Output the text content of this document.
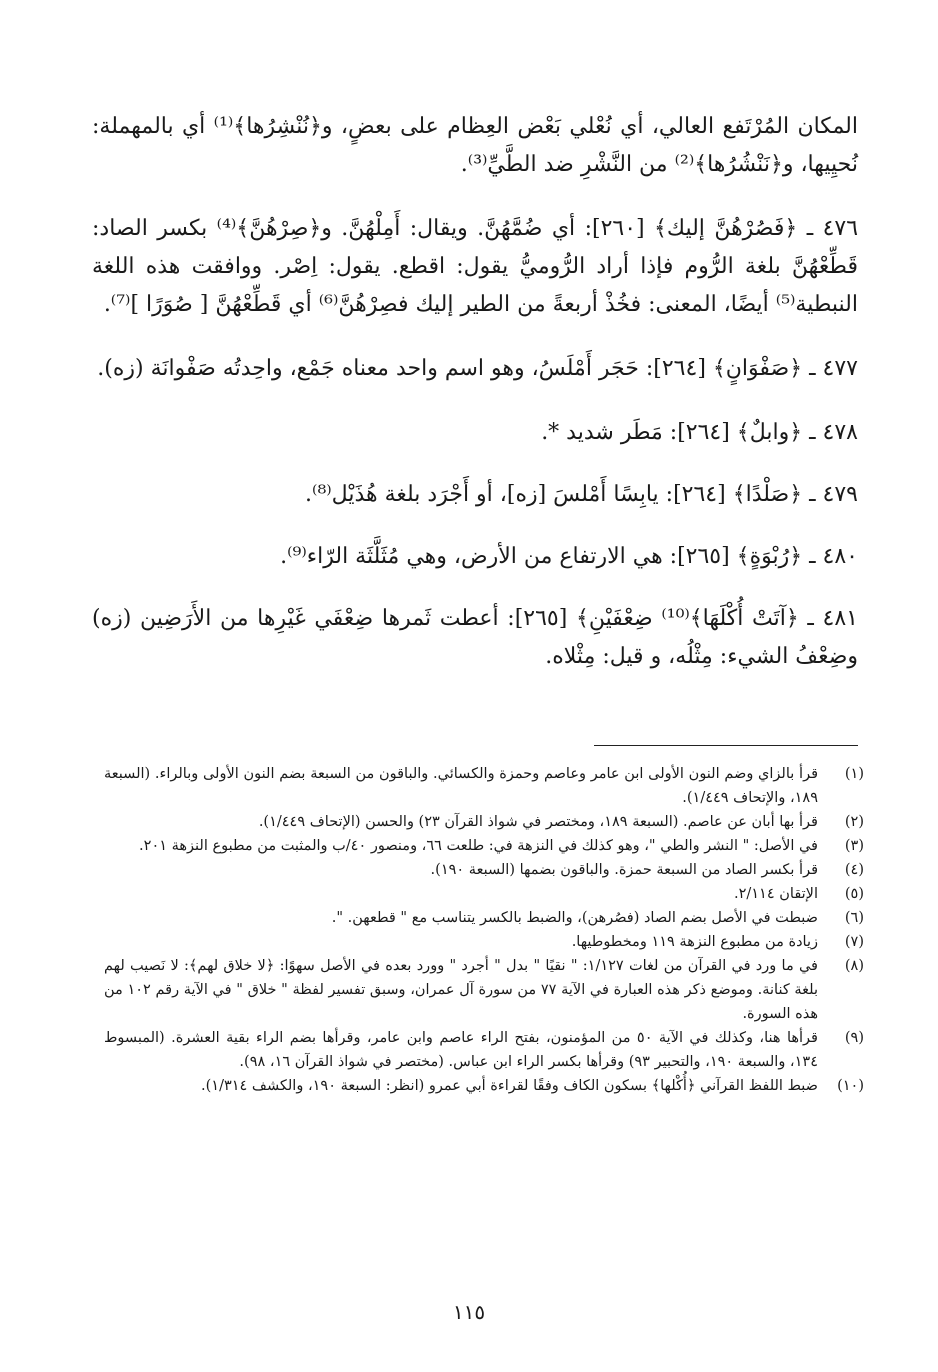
المكان المُرْتَفع العالي، أي نُعْلي بَعْض العِظام على بعضٍ، و﴿نُنْشِرُها﴾⁽¹⁾ أي بالمهملة: نُحيِيها، و﴿نَنْشُرُها﴾⁽²⁾ من النَّشْرِ ضد الطَّيِّ⁽³⁾.

٤٧٦ ـ ﴿فَصُرْهُنَّ إليك﴾ [٢٦٠]: أي ضُمَّهُنَّ. ويقال: أَمِلْهُنَّ. و﴿صِرْهُنَّ﴾⁽⁴⁾ بكسر الصاد: قَطِّعْهُنَّ بلغة الرُّوم فإذا أراد الرُّوميُّ يقول: اقطع. يقول: اِصْر. ووافقت هذه اللغة النبطية⁽⁵⁾ أيضًا، المعنى: فخُذْ أربعةً من الطير إليك فصِرْهُنَّ⁽⁶⁾ أي قَطِّعْهُنَّ [ صُوَرًا ]⁽⁷⁾.

٤٧٧ ـ ﴿صَفْوَانٍ﴾ [٢٦٤]: حَجَر أَمْلَسُ، وهو اسم واحد معناه جَمْع، واحِدتُه صَفْوانَة (زه).

٤٧٨ ـ ﴿وابلٌ﴾ [٢٦٤]: مَطَر شديد *.

٤٧٩ ـ ﴿صَلْدًا﴾ [٢٦٤]: يابِسًا أَمْلسَ [زه]، أو أَجْرَد بلغة هُذَيْل⁽⁸⁾.

٤٨٠ ـ ﴿رُبْوَةٍ﴾ [٢٦٥]: هي الارتفاع من الأرض، وهي مُثَلَّثَة الرّاء⁽⁹⁾.

٤٨١ ـ ﴿آتَتْ أُكْلَهَا﴾⁽¹⁰⁾ ضِعْفَيْنِ﴾ [٢٦٥]: أعطت ثَمرها ضِعْفَي غَيْرِها من الأَرَضِين (زه) وضِعْفُ الشيء: مِثْلُه، و قيل: مِثْلاه.

(١)
قرأ بالزاي وضم النون الأولى ابن عامر وعاصم وحمزة والكسائي. والباقون من السبعة بضم النون الأولى وبالراء. (السبعة ١٨٩، والإتحاف ١/٤٤٩).
(٢)
قرأ بها أبان عن عاصم. (السبعة ١٨٩، ومختصر في شواذ القرآن ٢٣) والحسن (الإتحاف ١/٤٤٩).
(٣)
في الأصل: " النشر والطي "، وهو كذلك في النزهة في: طلعت ٦٦، ومنصور ٤٠/ب والمثبت من مطبوع النزهة ٢٠١.
(٤)
قرأ بكسر الصاد من السبعة حمزة. والباقون بضمها (السبعة ١٩٠).
(٥)
الإتقان ٢/١١٤.
(٦)
ضبطت في الأصل بضم الصاد (فصُرهن)، والضبط بالكسر يتناسب مع " قطعهن. ".
(٧)
زيادة من مطبوع النزهة ١١٩ ومخطوطيها.
(٨)
في ما ورد في القرآن من لغات ١/١٢٧: " نقيًا " بدل " أجرد " وورد بعده في الأصل سهوًا: ﴿لا خلاق لهم﴾: لا نَصيب لهم بلغة كنانة. وموضع ذكر هذه العبارة في الآية ٧٧ من سورة آل عمران، وسبق تفسير لفظة " خلاق " في الآية رقم ١٠٢ من هذه السورة.
(٩)
قرأها هنا، وكذلك في الآية ٥٠ من المؤمنون، بفتح الراء عاصم وابن عامر، وقرأها بضم الراء بقية العشرة. (المبسوط ١٣٤، والسبعة ١٩٠، والتحبير ٩٣) وقرأها بكسر الراء ابن عباس. (مختصر في شواذ القرآن ١٦، ٩٨).
(١٠)
ضبط اللفظ القرآني ﴿أُكْلها﴾ بسكون الكاف وفقًا لقراءة أبي عمرو (انظر: السبعة ١٩٠، والكشف ١/٣١٤).
١١٥
